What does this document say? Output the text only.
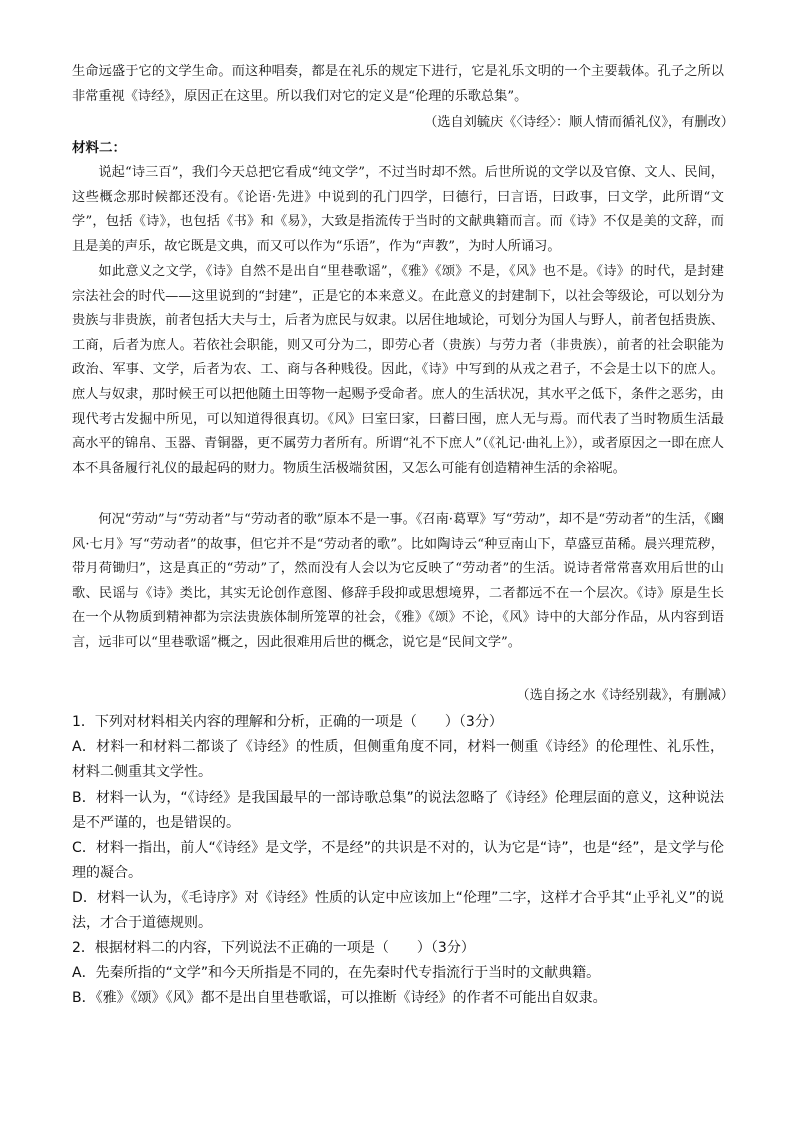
生命远盛于它的文学生命。而这种唱奏，都是在礼乐的规定下进行，它是礼乐文明的一个主要载体。孔子之所以非常重视《诗经》，原因正在这里。所以我们对它的定义是“伦理的乐歌总集”。

（选自刘毓庆《〈诗经〉：顺人情而循礼仪》，有删改）
材料二：

说起“诗三百”，我们今天总把它看成“纯文学”，不过当时却不然。后世所说的文学以及官僚、文人、民间，这些概念那时候都还没有。《论语·先进》中说到的孔门四学，曰德行，曰言语，曰政事，曰文学，此所谓“文学”，包括《诗》，也包括《书》和《易》，大致是指流传于当时的文献典籍而言。而《诗》不仅是美的文辞，而且是美的声乐，故它既是文典，而又可以作为“乐语”，作为“声教”，为时人所诵习。

如此意义之文学，《诗》自然不是出自“里巷歌谣”，《雅》《颂》不是，《风》也不是。《诗》的时代，是封建宗法社会的时代——这里说到的“封建”，正是它的本来意义。在此意义的封建制下，以社会等级论，可以划分为贵族与非贵族，前者包括大夫与士，后者为庶民与奴隶。以居住地域论，可划分为国人与野人，前者包括贵族、工商，后者为庶人。若依社会职能，则又可分为二，即劳心者（贵族）与劳力者（非贵族），前者的社会职能为政治、军事、文学，后者为农、工、商与各种贱役。因此，《诗》中写到的从戎之君子，不会是士以下的庶人。庶人与奴隶，那时候王可以把他随土田等物一起赐予受命者。庶人的生活状况，其水平之低下，条件之恶劣，由现代考古发掘中所见，可以知道得很真切。《风》曰室曰家，曰蓄曰囤，庶人无与焉。而代表了当时物质生活最高水平的锦帛、玉器、青铜器，更不属劳力者所有。所谓“礼不下庶人”（《礼记·曲礼上》），或者原因之一即在庶人本不具备履行礼仪的最起码的财力。物质生活极端贫困，又怎么可能有创造精神生活的余裕呢。

何况“劳动”与“劳动者”与“劳动者的歌”原本不是一事。《召南·葛覃》写“劳动”，却不是“劳动者”的生活，《豳风·七月》写“劳动者”的故事，但它并不是“劳动者的歌”。比如陶诗云“种豆南山下，草盛豆苗稀。晨兴理荒秽，带月荷锄归”，这是真正的“劳动”了，然而没有人会以为它反映了“劳动者”的生活。说诗者常常喜欢用后世的山歌、民谣与《诗》类比，其实无论创作意图、修辞手段抑或思想境界，二者都远不在一个层次。《诗》原是生长在一个从物质到精神都为宗法贵族体制所笼罩的社会，《雅》《颂》不论，《风》诗中的大部分作品，从内容到语言，远非可以“里巷歌谣”概之，因此很难用后世的概念，说它是“民间文学”。

（选自扬之水《诗经别裁》，有删减）
1．下列对材料相关内容的理解和分析，正确的一项是（　　）（3分）
A．材料一和材料二都谈了《诗经》的性质，但侧重角度不同，材料一侧重《诗经》的伦理性、礼乐性，材料二侧重其文学性。
B．材料一认为，“《诗经》是我国最早的一部诗歌总集”的说法忽略了《诗经》伦理层面的意义，这种说法是不严谨的，也是错误的。
C．材料一指出，前人“《诗经》是文学，不是经”的共识是不对的，认为它是“诗”，也是“经”，是文学与伦理的凝合。
D．材料一认为，《毛诗序》对《诗经》性质的认定中应该加上“伦理”二字，这样才合乎其“止乎礼义”的说法，才合于道德规则。
2．根据材料二的内容，下列说法不正确的一项是（　　）（3分）
A．先秦所指的“文学”和今天所指是不同的，在先秦时代专指流行于当时的文献典籍。
B．《雅》《颂》《风》都不是出自里巷歌谣，可以推断《诗经》的作者不可能出自奴隶。
